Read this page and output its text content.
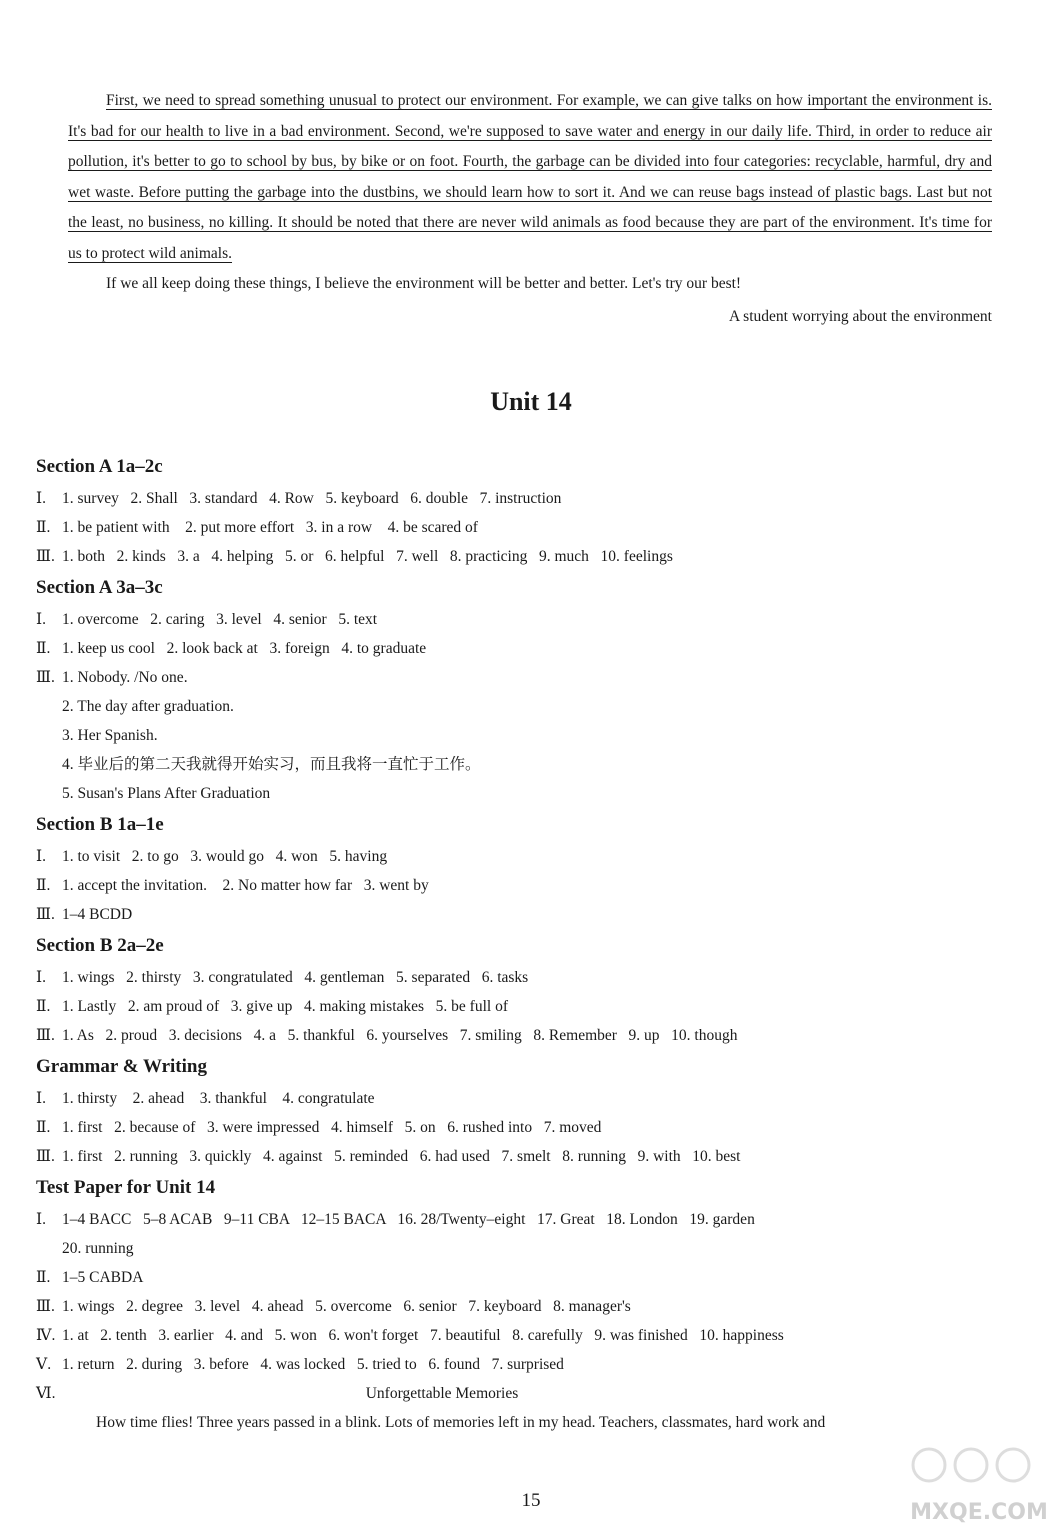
First, we need to spread something unusual to protect our environment. For example, we can give talks on how important the environment is. It's bad for our health to live in a bad environment. Second, we're supposed to save water and energy in our daily life. Third, in order to reduce air pollution, it's better to go to school by bus, by bike or on foot. Fourth, the garbage can be divided into four categories: recyclable, harmful, dry and wet waste. Before putting the garbage into the dustbins, we should learn how to sort it. And we can reuse bags instead of plastic bags. Last but not the least, no business, no killing. It should be noted that there are never wild animals as food because they are part of the environment. It's time for us to protect wild animals.

If we all keep doing these things, I believe the environment will be better and better. Let's try our best!

A student worrying about the environment

Unit 14

Section A 1a–2c

Ⅰ. 1. survey   2. Shall   3. standard   4. Row   5. keyboard   6. double   7. instruction
Ⅱ. 1. be patient with    2. put more effort   3. in a row    4. be scared of
Ⅲ. 1. both   2. kinds   3. a   4. helping   5. or   6. helpful   7. well   8. practicing   9. much   10. feelings

Section A 3a–3c

Ⅰ. 1. overcome   2. caring   3. level   4. senior   5. text
Ⅱ. 1. keep us cool   2. look back at   3. foreign   4. to graduate
Ⅲ. 1. Nobody. /No one.
2. The day after graduation.
3. Her Spanish.
4. 毕业后的第二天我就得开始实习，而且我将一直忙于工作。
5. Susan's Plans After Graduation

Section B 1a–1e

Ⅰ. 1. to visit   2. to go   3. would go   4. won   5. having
Ⅱ. 1. accept the invitation.    2. No matter how far   3. went by
Ⅲ. 1–4 BCDD

Section B 2a–2e

Ⅰ. 1. wings   2. thirsty   3. congratulated   4. gentleman   5. separated   6. tasks
Ⅱ. 1. Lastly   2. am proud of   3. give up   4. making mistakes   5. be full of
Ⅲ. 1. As   2. proud   3. decisions   4. a   5. thankful   6. yourselves   7. smiling   8. Remember   9. up   10. though

Grammar & Writing

Ⅰ. 1. thirsty    2. ahead    3. thankful    4. congratulate
Ⅱ. 1. first   2. because of   3. were impressed   4. himself   5. on   6. rushed into   7. moved
Ⅲ. 1. first   2. running   3. quickly   4. against   5. reminded   6. had used   7. smelt   8. running   9. with   10. best

Test Paper for Unit 14

Ⅰ. 1–4 BACC   5–8 ACAB   9–11 CBA   12–15 BACA   16. 28/Twenty–eight   17. Great   18. London   19. garden
20. running
Ⅱ. 1–5 CABDA
Ⅲ. 1. wings   2. degree   3. level   4. ahead   5. overcome   6. senior   7. keyboard   8. manager's
Ⅳ. 1. at   2. tenth   3. earlier   4. and   5. won   6. won't forget   7. beautiful   8. carefully   9. was finished   10. happiness
Ⅴ. 1. return   2. during   3. before   4. was locked   5. tried to   6. found   7. surprised
Ⅵ.	Unforgettable Memories
How time flies! Three years passed in a blink. Lots of memories left in my head. Teachers, classmates, hard work and
15	MXQE.COM
